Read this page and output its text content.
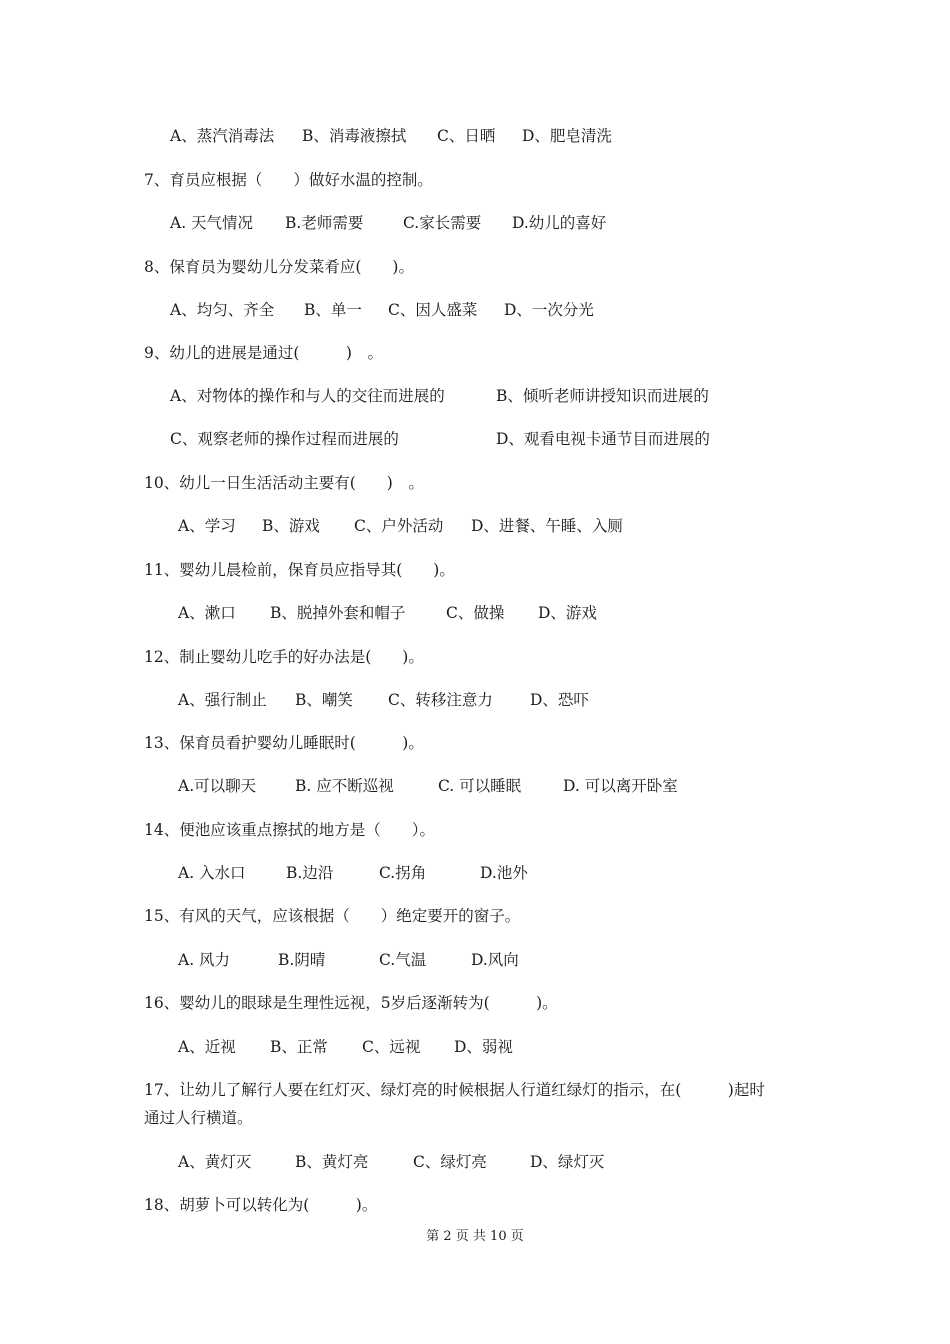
A、蒸汽消毒法 B、消毒液擦拭 C、日晒 D、肥皂清洗
7、育员应根据（　　）做好水温的控制。
A. 天气情况 B.老师需要	C.家长需要 D.幼儿的喜好
8、保育员为婴幼儿分发菜肴应(　　)。
A、均匀、齐全 B、单一 C、因人盛菜 D、一次分光
9、幼儿的进展是通过(　　　)　。
A、对物体的操作和与人的交往而进展的	B、倾听老师讲授知识而进展的
C、观察老师的操作过程而进展的	D、观看电视卡通节目而进展的
10、幼儿一日生活活动主要有(　　)　。
A、学习 B、游戏 C、户外活动 D、进餐、午睡、入厕
11、婴幼儿晨检前，保育员应指导其(　　)。
A、漱口 B、脱掉外套和帽子	C、做操 D、游戏
12、制止婴幼儿吃手的好办法是(　　)。
A、强行制止 B、嘲笑 C、转移注意力 D、恐吓
13、保育员看护婴幼儿睡眠时(　　　)。
A.可以聊天	B. 应不断巡视	C. 可以睡眠	D. 可以离开卧室
14、便池应该重点擦拭的地方是（　　）。
A. 入水口	B.边沿	C.拐角	D.池外
15、有风的天气，应该根据（　　）绝定要开的窗子。
A. 风力	B.阴晴	C.气温	D.风向
16、婴幼儿的眼球是生理性远视，5岁后逐渐转为(　　　)。
A、近视 B、正常 C、远视 D、弱视
17、让幼儿了解行人要在红灯灭、绿灯亮的时候根据人行道红绿灯的指示，在(　　　)起时
通过人行横道。
A、黄灯灭	B、黄灯亮	C、绿灯亮	D、绿灯灭
18、胡萝卜可以转化为(　　　)。
第 2 页 共 10 页
